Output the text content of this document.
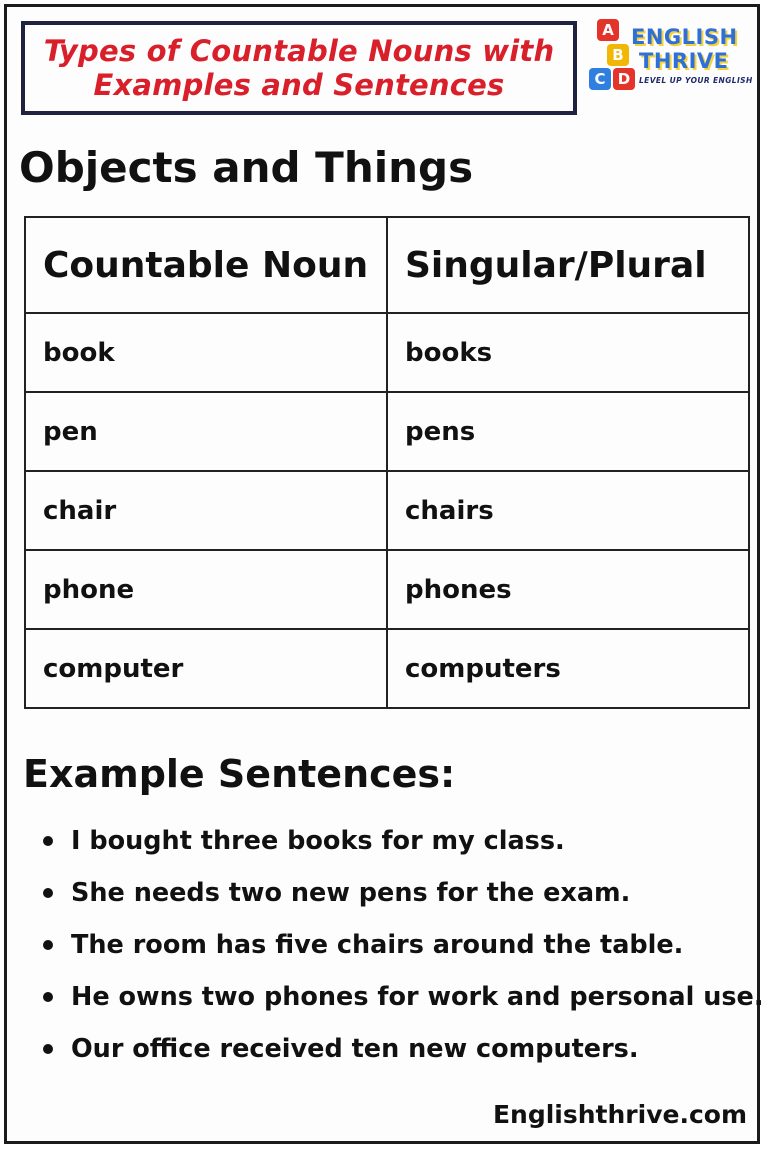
Types of Countable Nouns with
Examples and Sentences
A
B
C D
ENGLISH
THRIVE
LEVEL UP YOUR ENGLISH
Objects and Things
Countable Noun	Singular/Plural
book	books
pen	pens
chair	chairs
phone	phones
computer	computers
Example Sentences:
I bought three books for my class.
She needs two new pens for the exam.
The room has five chairs around the table.
He owns two phones for work and personal use.
Our office received ten new computers.
Englishthrive.com
